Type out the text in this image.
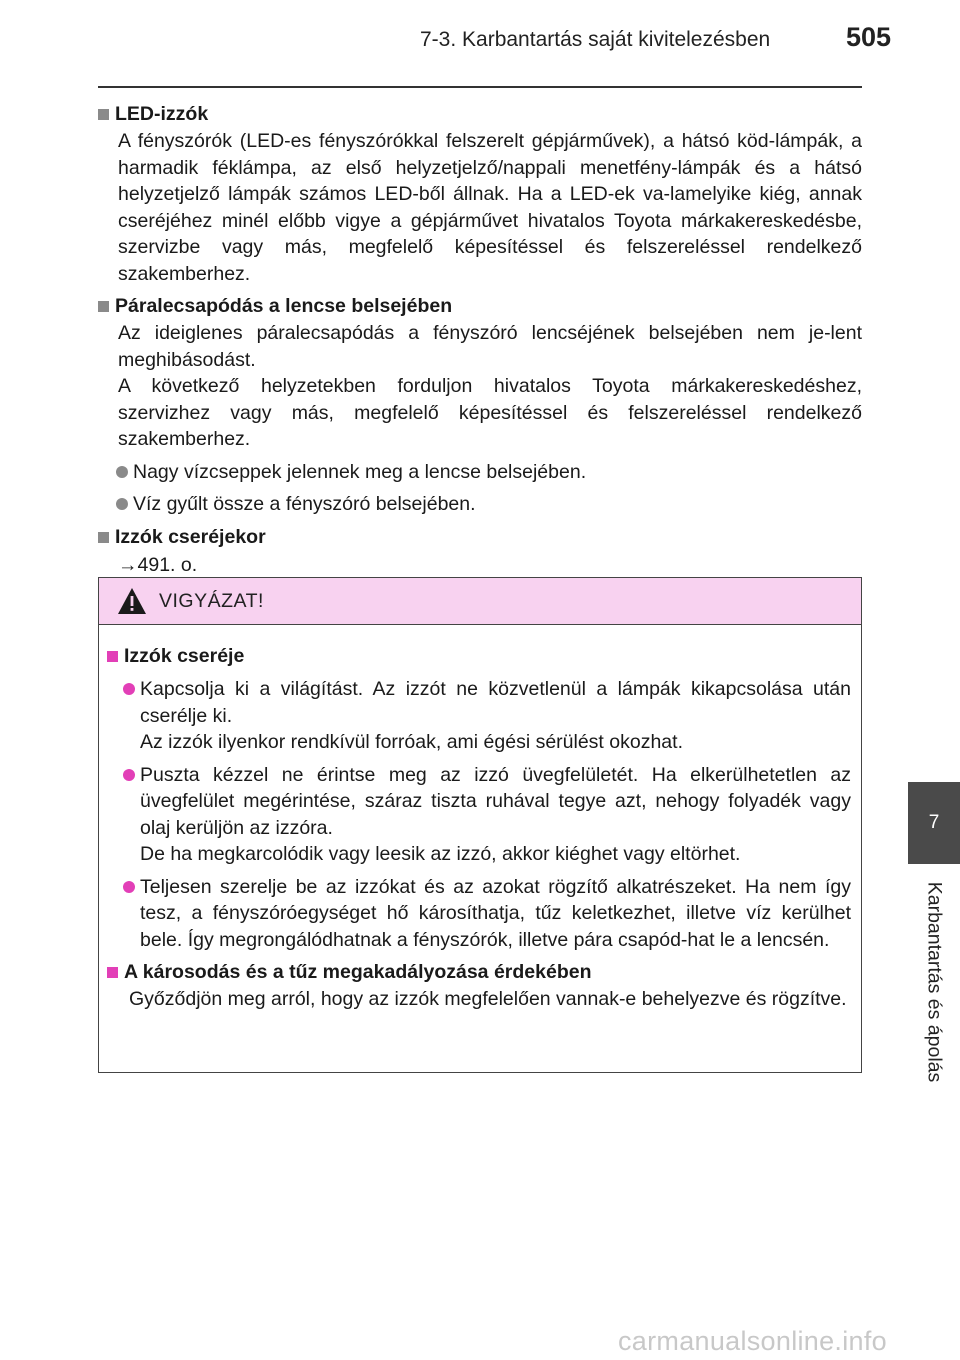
7-3. Karbantartás saját kivitelezésben	505
LED-izzók

A fényszórók (LED-es fényszórókkal felszerelt gépjárművek), a hátsó köd-lámpák, a harmadik féklámpa, az első helyzetjelző/nappali menetfény-lámpák és a hátsó helyzetjelző lámpák számos LED-ből állnak. Ha a LED-ek va-lamelyike kiég, annak cseréjéhez minél előbb vigye a gépjárművet hivatalos Toyota márkakereskedésbe, szervizbe vagy más, megfelelő képesítéssel és felszereléssel rendelkező szakemberhez.

Páralecsapódás a lencse belsejében

Az ideiglenes páralecsapódás a fényszóró lencséjének belsejében nem je-lent meghibásodást.

A következő helyzetekben forduljon hivatalos Toyota márkakereskedéshez, szervizhez vagy más, megfelelő képesítéssel és felszereléssel rendelkező szakemberhez.

Nagy vízcseppek jelennek meg a lencse belsejében.
Víz gyűlt össze a fényszóró belsejében.
Izzók cseréjekor
→491. o.
VIGYÁZAT!
Izzók cseréje
Kapcsolja ki a világítást. Az izzót ne közvetlenül a lámpák kikapcsolása után cserélje ki.
Az izzók ilyenkor rendkívül forróak, ami égési sérülést okozhat.
Puszta kézzel ne érintse meg az izzó üvegfelületét. Ha elkerülhetetlen az üvegfelület megérintése, száraz tiszta ruhával tegye azt, nehogy folyadék vagy olaj kerüljön az izzóra.
De ha megkarcolódik vagy leesik az izzó, akkor kiéghet vagy eltörhet.
Teljesen szerelje be az izzókat és az azokat rögzítő alkatrészeket. Ha nem így tesz, a fényszóróegységet hő károsíthatja, tűz keletkezhet, illetve víz kerülhet bele. Így megrongálódhatnak a fényszórók, illetve pára csapód-hat le a lencsén.
A károsodás és a tűz megakadályozása érdekében

Győződjön meg arról, hogy az izzók megfelelően vannak-e behelyezve és rögzítve.

7
Karbantartás és ápolás
carmanualsonline.info
